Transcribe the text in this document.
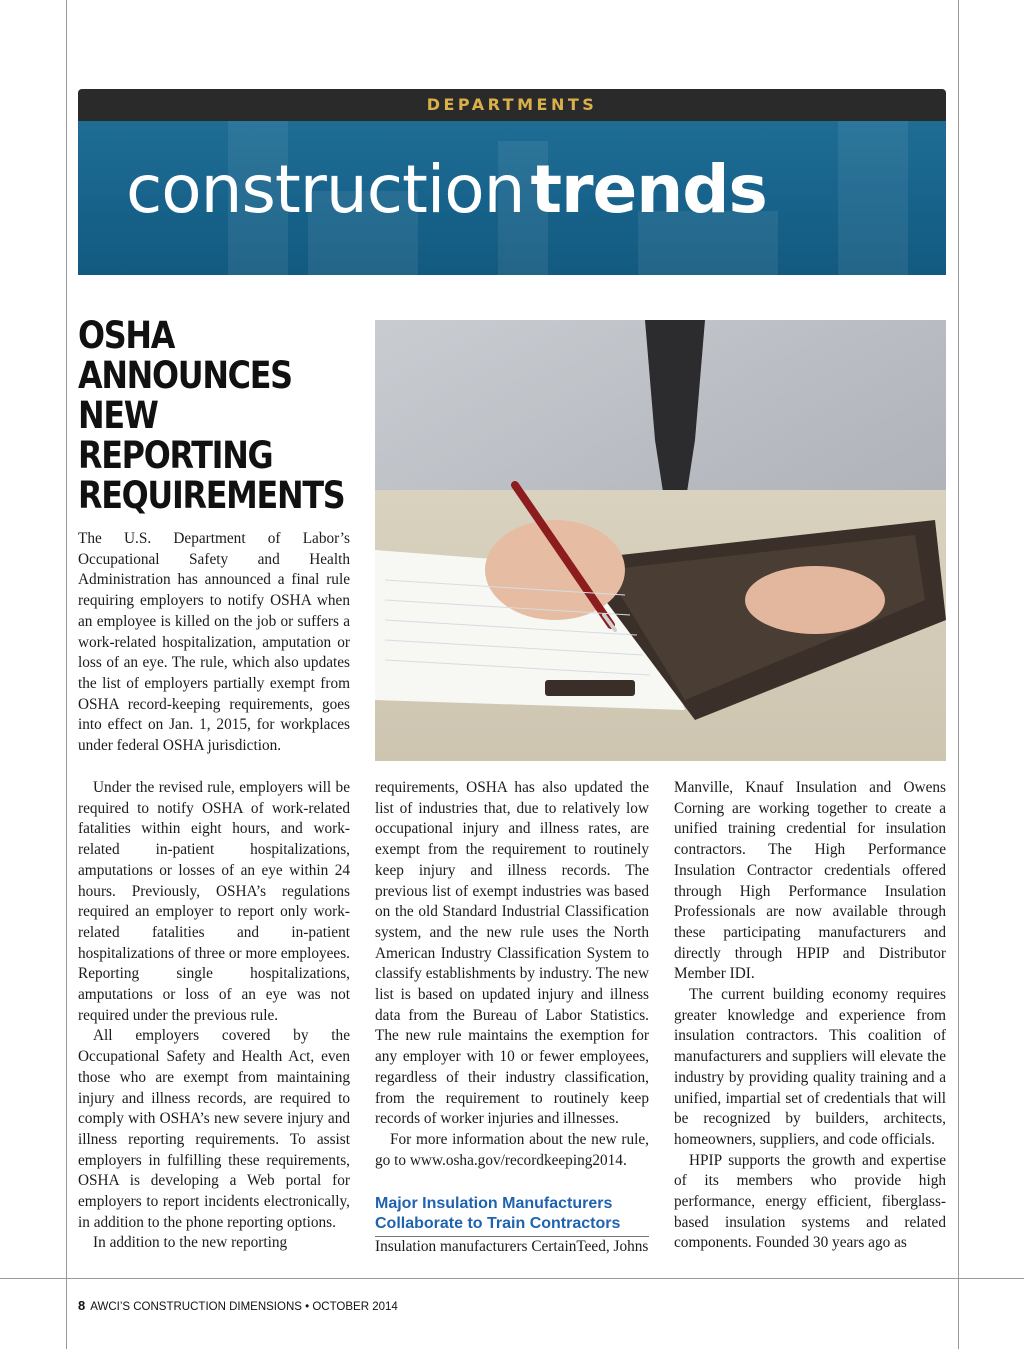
DEPARTMENTS
constructiontrends
OSHA ANNOUNCES NEW REPORTING REQUIREMENTS

The U.S. Department of Labor’s Occupational Safety and Health Administration has announced a final rule requiring employers to notify OSHA when an employee is killed on the job or suffers a work-related hospitalization, amputation or loss of an eye. The rule, which also updates the list of employers partially exempt from OSHA record-keeping requirements, goes into effect on Jan. 1, 2015, for workplaces under federal OSHA jurisdiction.

Under the revised rule, employers will be required to notify OSHA of work-related fatalities within eight hours, and work-related in-patient hospitalizations, amputations or losses of an eye within 24 hours. Previously, OSHA’s regulations required an employer to report only work-related fatalities and in-patient hospitalizations of three or more employees. Reporting single hospitalizations, amputations or loss of an eye was not required under the previous rule.

All employers covered by the Occupational Safety and Health Act, even those who are exempt from maintaining injury and illness records, are required to comply with OSHA’s new severe injury and illness reporting requirements. To assist employers in fulfilling these requirements, OSHA is developing a Web portal for employers to report incidents electronically, in addition to the phone reporting options.

In addition to the new reporting

requirements, OSHA has also updated the list of industries that, due to relatively low occupational injury and illness rates, are exempt from the requirement to routinely keep injury and illness records. The previous list of exempt industries was based on the old Standard Industrial Classification system, and the new rule uses the North American Industry Classification System to classify establishments by industry. The new list is based on updated injury and illness data from the Bureau of Labor Statistics. The new rule maintains the exemption for any employer with 10 or fewer employees, regardless of their industry classification, from the requirement to routinely keep records of worker injuries and illnesses.

For more information about the new rule, go to www.osha.gov/recordkeeping2014.

Major Insulation Manufacturers Collaborate to Train Contractors

Insulation manufacturers CertainTeed, Johns

Manville, Knauf Insulation and Owens Corning are working together to create a unified training credential for insulation contractors. The High Performance Insulation Contractor credentials offered through High Performance Insulation Professionals are now available through these participating manufacturers and directly through HPIP and Distributor Member IDI.

The current building economy requires greater knowledge and experience from insulation contractors. This coalition of manufacturers and suppliers will elevate the industry by providing quality training and a unified, impartial set of credentials that will be recognized by builders, architects, homeowners, suppliers, and code officials.

HPIP supports the growth and expertise of its members who provide high performance, energy efficient, fiberglass-based insulation systems and related components. Founded 30 years ago as

8 AWCI’S CONSTRUCTION DIMENSIONS • OCTOBER 2014
